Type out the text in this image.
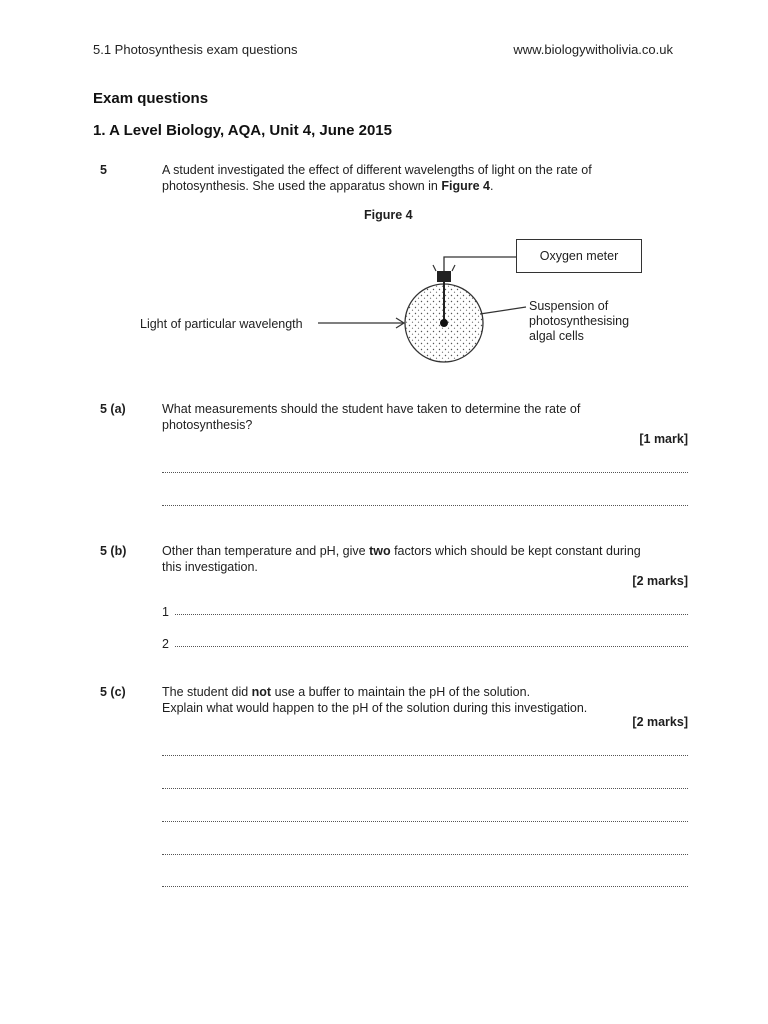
5.1 Photosynthesis exam questions	www.biologywitholivia.co.uk
Exam questions
1. A Level Biology, AQA, Unit 4, June 2015
5	A student investigated the effect of different wavelengths of light on the rate of
photosynthesis. She used the apparatus shown in Figure 4.
Figure 4
Oxygen meter
Light of particular wavelength
Suspension of
photosynthesising
algal cells
5 (a)	What measurements should the student have taken to determine the rate of
photosynthesis?
[1 mark]
5 (b)	Other than temperature and pH, give two factors which should be kept constant during
this investigation.
[2 marks]
1
2
5 (c)	The student did not use a buffer to maintain the pH of the solution.
Explain what would happen to the pH of the solution during this investigation.
[2 marks]
